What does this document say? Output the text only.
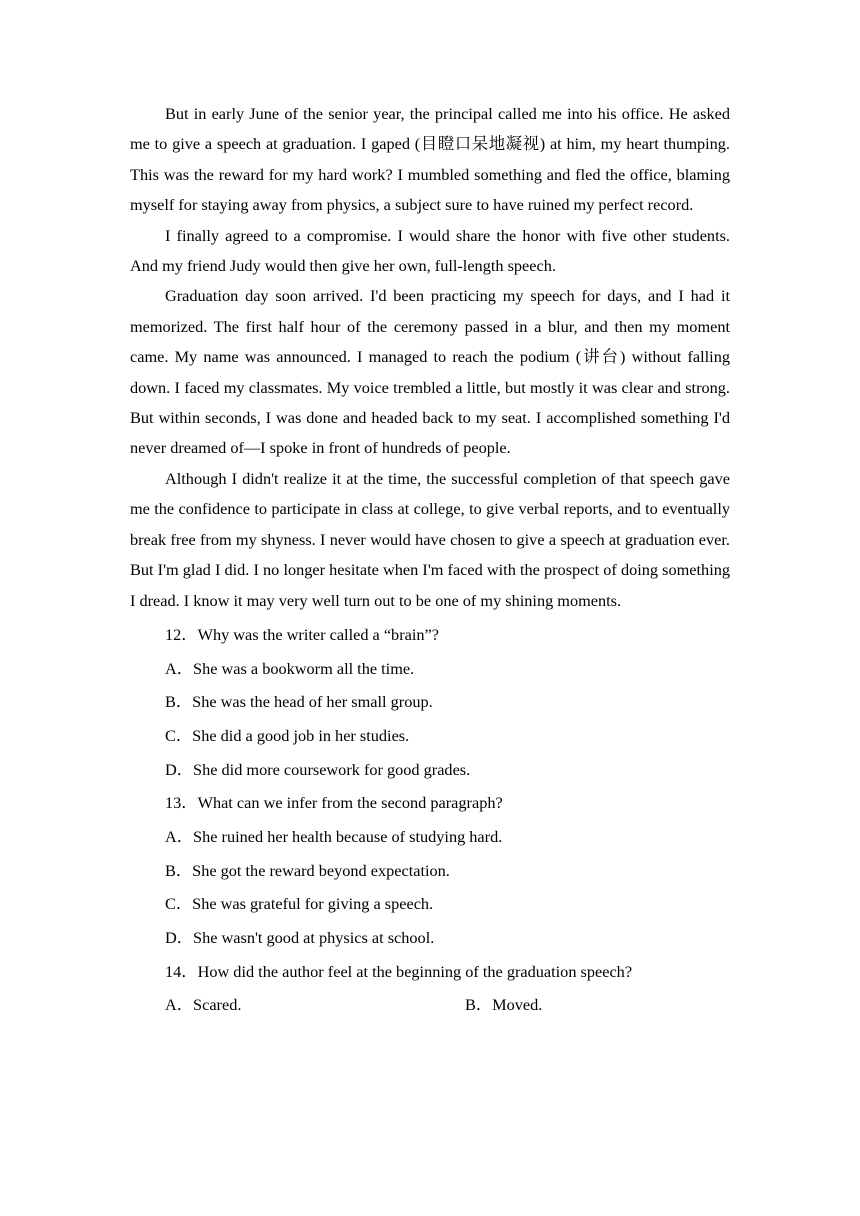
But in early June of the senior year, the principal called me into his office. He asked me to give a speech at graduation. I gaped (目瞪口呆地凝视) at him, my heart thumping. This was the reward for my hard work? I mumbled something and fled the office, blaming myself for staying away from physics, a subject sure to have ruined my perfect record.

I finally agreed to a compromise. I would share the honor with five other students. And my friend Judy would then give her own, full-length speech.

Graduation day soon arrived. I'd been practicing my speech for days, and I had it memorized. The first half hour of the ceremony passed in a blur, and then my moment came. My name was announced. I managed to reach the podium (讲台) without falling down. I faced my classmates. My voice trembled a little, but mostly it was clear and strong. But within seconds, I was done and headed back to my seat. I accomplished something I'd never dreamed of—I spoke in front of hundreds of people.

Although I didn't realize it at the time, the successful completion of that speech gave me the confidence to participate in class at college, to give verbal reports, and to eventually break free from my shyness. I never would have chosen to give a speech at graduation ever. But I'm glad I did. I no longer hesitate when I'm faced with the prospect of doing something I dread. I know it may very well turn out to be one of my shining moments.

12．Why was the writer called a “brain”?

A．She was a bookworm all the time.

B．She was the head of her small group.

C．She did a good job in her studies.

D．She did more coursework for good grades.

13．What can we infer from the second paragraph?

A．She ruined her health because of studying hard.

B．She got the reward beyond expectation.

C．She was grateful for giving a speech.

D．She wasn't good at physics at school.

14．How did the author feel at the beginning of the graduation speech?

A．Scared.	B．Moved.
